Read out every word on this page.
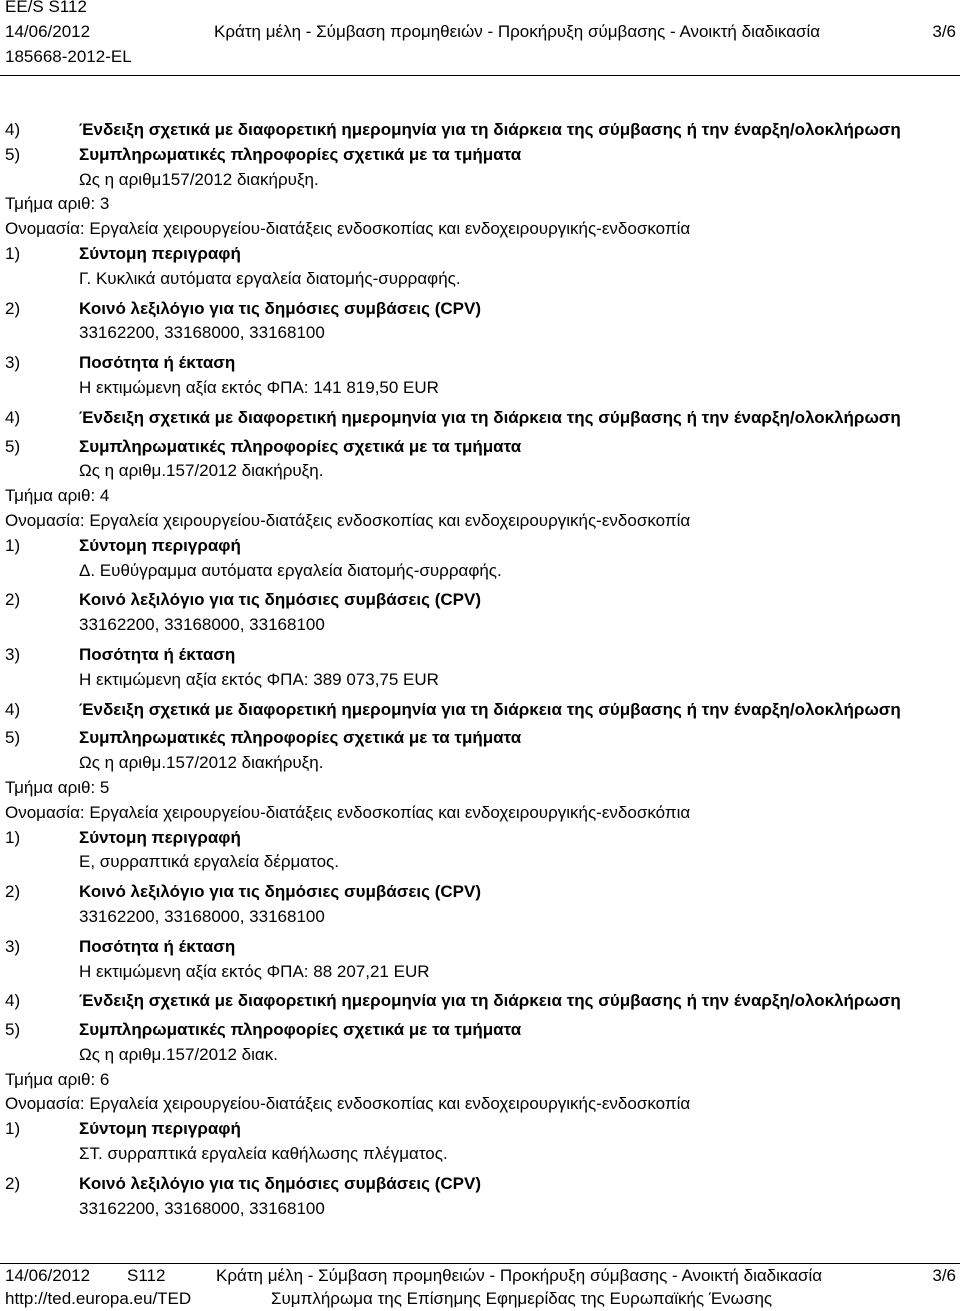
EE/S S112
14/06/2012
185668-2012-EL
Κράτη μέλη - Σύμβαση προμηθειών - Προκήρυξη σύμβασης - Ανοικτή διαδικασία	3/6
4)	Ένδειξη σχετικά με διαφορετική ημερομηνία για τη διάρκεια της σύμβασης ή την έναρξη/ολοκλήρωση
5)	Συμπληρωματικές πληροφορίες σχετικά με τα τμήματα
Ως η αριθμ157/2012 διακήρυξη.
Τμήμα αριθ: 3
Ονομασία: Εργαλεία χειρουργείου-διατάξεις ενδοσκοπίας και ενδοχειρουργικής-ενδοσκοπία
1)	Σύντομη περιγραφή
Γ. Κυκλικά αυτόματα εργαλεία διατομής-συρραφής.
2)	Κοινό λεξιλόγιο για τις δημόσιες συμβάσεις (CPV)
33162200, 33168000, 33168100
3)	Ποσότητα ή έκταση
Η εκτιμώμενη αξία εκτός ΦΠΑ: 141 819,50 EUR
4)	Ένδειξη σχετικά με διαφορετική ημερομηνία για τη διάρκεια της σύμβασης ή την έναρξη/ολοκλήρωση
5)	Συμπληρωματικές πληροφορίες σχετικά με τα τμήματα
Ως η αριθμ.157/2012 διακήρυξη.
Τμήμα αριθ: 4
Ονομασία: Εργαλεία χειρουργείου-διατάξεις ενδοσκοπίας και ενδοχειρουργικής-ενδοσκοπία
1)	Σύντομη περιγραφή
Δ. Ευθύγραμμα αυτόματα εργαλεία διατομής-συρραφής.
2)	Κοινό λεξιλόγιο για τις δημόσιες συμβάσεις (CPV)
33162200, 33168000, 33168100
3)	Ποσότητα ή έκταση
Η εκτιμώμενη αξία εκτός ΦΠΑ: 389 073,75 EUR
4)	Ένδειξη σχετικά με διαφορετική ημερομηνία για τη διάρκεια της σύμβασης ή την έναρξη/ολοκλήρωση
5)	Συμπληρωματικές πληροφορίες σχετικά με τα τμήματα
Ως η αριθμ.157/2012 διακήρυξη.
Τμήμα αριθ: 5
Ονομασία: Εργαλεία χειρουργείου-διατάξεις ενδοσκοπίας και ενδοχειρουργικής-ενδοσκόπια
1)	Σύντομη περιγραφή
Ε, συρραπτικά εργαλεία δέρματος.
2)	Κοινό λεξιλόγιο για τις δημόσιες συμβάσεις (CPV)
33162200, 33168000, 33168100
3)	Ποσότητα ή έκταση
Η εκτιμώμενη αξία εκτός ΦΠΑ: 88 207,21 EUR
4)	Ένδειξη σχετικά με διαφορετική ημερομηνία για τη διάρκεια της σύμβασης ή την έναρξη/ολοκλήρωση
5)	Συμπληρωματικές πληροφορίες σχετικά με τα τμήματα
Ως η αριθμ.157/2012 διακ.
Τμήμα αριθ: 6
Ονομασία: Εργαλεία χειρουργείου-διατάξεις ενδοσκοπίας και ενδοχειρουργικής-ενδοσκοπία
1)	Σύντομη περιγραφή
ΣΤ. συρραπτικά εργαλεία καθήλωσης πλέγματος.
2)	Κοινό λεξιλόγιο για τις δημόσιες συμβάσεις (CPV)
33162200, 33168000, 33168100
14/06/2012 S112	Κράτη μέλη - Σύμβαση προμηθειών - Προκήρυξη σύμβασης - Ανοικτή διαδικασία	3/6
http://ted.europa.eu/TED	Συμπλήρωμα της Επίσημης Εφημερίδας της Ευρωπαϊκής Ένωσης
